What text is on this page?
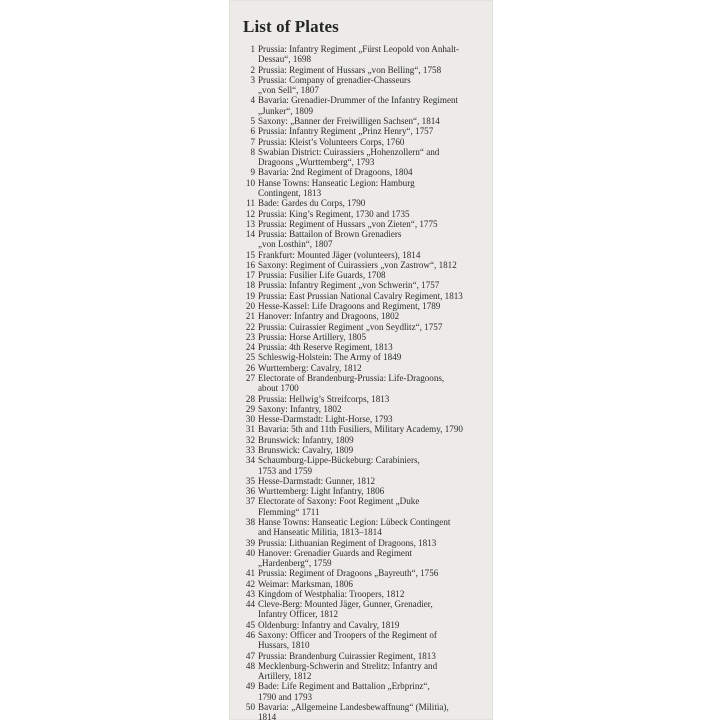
List of Plates
1 Prussia: Infantry Regiment „Fürst Leopold von Anhalt-
Dessau“, 1698
2 Prussia: Regiment of Hussars „von Belling“, 1758
3 Prussia: Company of grenadier-Chasseurs
„von Sell“, 1807
4 Bavaria: Grenadier-Drummer of the Infantry Regiment
„Junker“, 1809
5 Saxony: „Banner der Freiwilligen Sachsen“, 1814
6 Prussia: Infantry Regiment „Prinz Henry“, 1757
7 Prussia: Kleist’s Volunteers Corps, 1760
8 Swabian District: Cuirassiers „Hohenzollern“ and
Dragoons „Wurttemberg“, 1793
9 Bavaria: 2nd Regiment of Dragoons, 1804
10 Hanse Towns: Hanseatic Legion: Hamburg
Contingent, 1813
11 Bade: Gardes du Corps, 1790
12 Prussia: King’s Regiment, 1730 and 1735
13 Prussia: Regiment of Hussars „von Zieten“, 1775
14 Prussia: Battailon of Brown Grenadiers
„von Losthin“, 1807
15 Frankfurt: Mounted Jäger (volunteers), 1814
16 Saxony: Regiment of Cuirassiers „von Zastrow“, 1812
17 Prussia: Fusilier Life Guards, 1708
18 Prussia: Infantry Regiment „von Schwerin“, 1757
19 Prussia: East Prussian National Cavalry Regiment, 1813
20 Hesse-Kassel: Life Dragoons and Regiment, 1789
21 Hanover: Infantry and Dragoons, 1802
22 Prussia: Cuirassier Regiment „von Seydlitz“, 1757
23 Prussia: Horse Artillery, 1805
24 Prussia: 4th Reserve Regiment, 1813
25 Schleswig-Holstein: The Army of 1849
26 Wurttemberg: Cavalry, 1812
27 Electorate of Brandenburg-Prussia: Life-Dragoons,
about 1700
28 Prussia: Hellwig’s Streifcorps, 1813
29 Saxony: Infantry, 1802
30 Hesse-Darmstadt: Light-Horse, 1793
31 Bavaria: 5th and 11th Fusiliers, Military Academy, 1790
32 Brunswick: Infantry, 1809
33 Brunswick: Cavalry, 1809
34 Schaumburg-Lippe-Bückeburg: Carabiniers,
1753 and 1759
35 Hesse-Darmstadt: Gunner, 1812
36 Wurttemberg: Light Infantry, 1806
37 Electorate of Saxony: Foot Regiment „Duke
Flemming“ 1711
38 Hanse Towns: Hanseatic Legion: Lübeck Contingent
and Hanseatic Militia, 1813–1814
39 Prussia: Lithuanian Regiment of Dragoons, 1813
40 Hanover: Grenadier Guards and Regiment
„Hardenberg“, 1759
41 Prussia: Regiment of Dragoons „Bayreuth“, 1756
42 Weimar: Marksman, 1806
43 Kingdom of Westphalia: Troopers, 1812
44 Cleve-Berg: Mounted Jäger, Gunner, Grenadier,
Infantry Officer, 1812
45 Oldenburg: Infantry and Cavalry, 1819
46 Saxony: Officer and Troopers of the Regiment of
Hussars, 1810
47 Prussia: Brandenburg Cuirassier Regiment, 1813
48 Mecklenburg-Schwerin and Strelitz: Infantry and
Artillery, 1812
49 Bade: Life Regiment and Battalion „Erbprinz“,
1790 and 1793
50 Bavaria: „Allgemeine Landesbewaffnung“ (Militia),
1814
